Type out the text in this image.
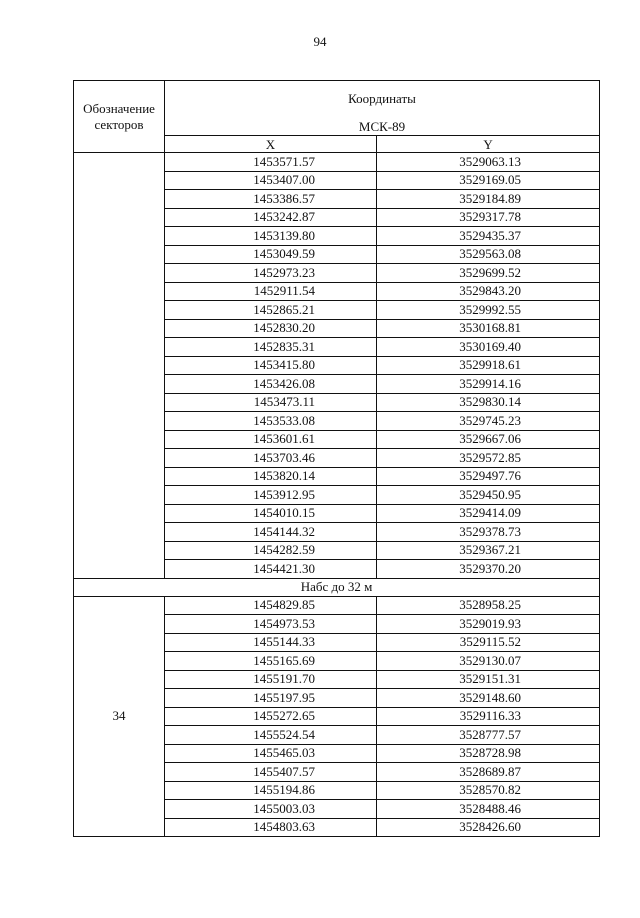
94
Обозначение
секторов	Координаты
МСК-89	

	X	Y
	1453571.57	3529063.13
	1453407.00	3529169.05
	1453386.57	3529184.89
	1453242.87	3529317.78
	1453139.80	3529435.37
	1453049.59	3529563.08
	1452973.23	3529699.52
	1452911.54	3529843.20
	1452865.21	3529992.55
	1452830.20	3530168.81
	1452835.31	3530169.40
	1453415.80	3529918.61
	1453426.08	3529914.16
	1453473.11	3529830.14
	1453533.08	3529745.23
	1453601.61	3529667.06
	1453703.46	3529572.85
	1453820.14	3529497.76
	1453912.95	3529450.95
	1454010.15	3529414.09
	1454144.32	3529378.73
	1454282.59	3529367.21
	1454421.30	3529370.20
Набс до 32 м		
34	1454829.85	3528958.25
	1454973.53	3529019.93
	1455144.33	3529115.52
	1455165.69	3529130.07
	1455191.70	3529151.31
	1455197.95	3529148.60
	1455272.65	3529116.33
	1455524.54	3528777.57
	1455465.03	3528728.98
	1455407.57	3528689.87
	1455194.86	3528570.82
	1455003.03	3528488.46
	1454803.63	3528426.60
